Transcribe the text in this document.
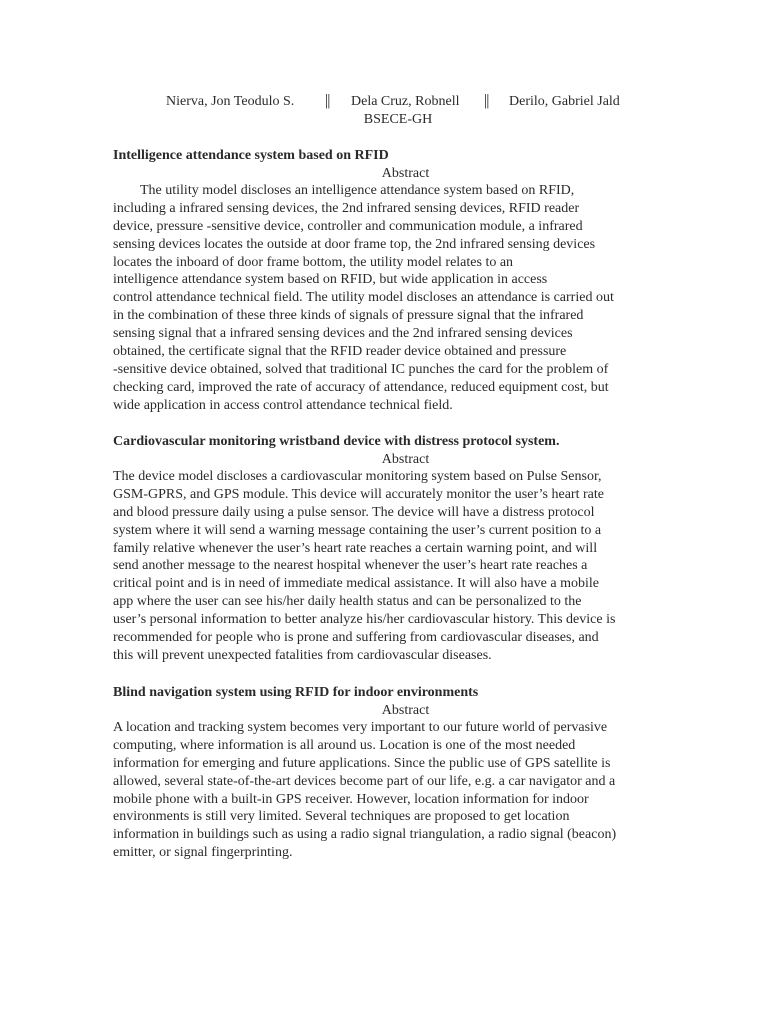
Nierva, Jon Teodulo S. || Dela Cruz, Robnell || Derilo, Gabriel Jald
BSECE-GH
Intelligence attendance system based on RFID
Abstract
The utility model discloses an intelligence attendance system based on RFID,
including a infrared sensing devices, the 2nd infrared sensing devices, RFID reader
device, pressure -sensitive device, controller and communication module, a infrared
sensing devices locates the outside at door frame top, the 2nd infrared sensing devices
locates the inboard of door frame bottom, the utility model relates to an
intelligence attendance system based on RFID, but wide application in access
control attendance technical field. The utility model discloses an attendance is carried out
in the combination of these three kinds of signals of pressure signal that the infrared
sensing signal that a infrared sensing devices and the 2nd infrared sensing devices
obtained, the certificate signal that the RFID reader device obtained and pressure
-sensitive device obtained, solved that traditional IC punches the card for the problem of
checking card, improved the rate of accuracy of attendance, reduced equipment cost, but
wide application in access control attendance technical field.
Cardiovascular monitoring wristband device with distress protocol system.
Abstract
The device model discloses a cardiovascular monitoring system based on Pulse Sensor,
GSM-GPRS, and GPS module. This device will accurately monitor the user’s heart rate
and blood pressure daily using a pulse sensor. The device will have a distress protocol
system where it will send a warning message containing the user’s current position to a
family relative whenever the user’s heart rate reaches a certain warning point, and will
send another message to the nearest hospital whenever the user’s heart rate reaches a
critical point and is in need of immediate medical assistance. It will also have a mobile
app where the user can see his/her daily health status and can be personalized to the
user’s personal information to better analyze his/her cardiovascular history. This device is
recommended for people who is prone and suffering from cardiovascular diseases, and
this will prevent unexpected fatalities from cardiovascular diseases.
Blind navigation system using RFID for indoor environments
Abstract
A location and tracking system becomes very important to our future world of pervasive
computing, where information is all around us. Location is one of the most needed
information for emerging and future applications. Since the public use of GPS satellite is
allowed, several state-of-the-art devices become part of our life, e.g. a car navigator and a
mobile phone with a built-in GPS receiver. However, location information for indoor
environments is still very limited. Several techniques are proposed to get location
information in buildings such as using a radio signal triangulation, a radio signal (beacon)
emitter, or signal fingerprinting.
